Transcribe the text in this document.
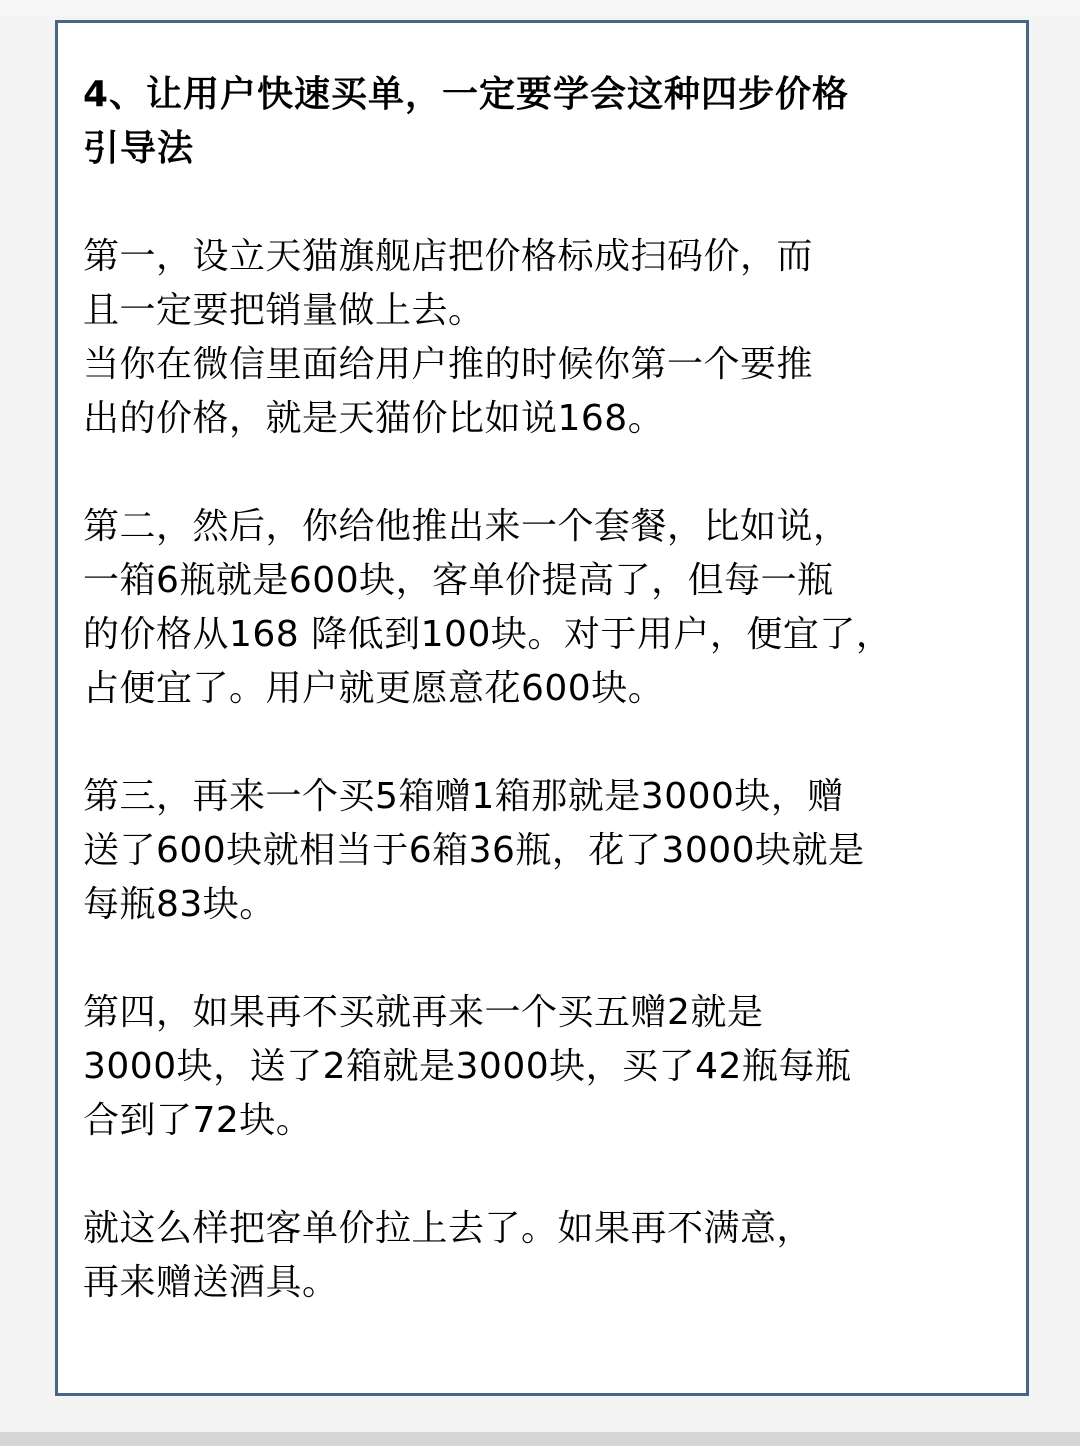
4、让用户快速买单，一定要学会这种四步价格
引导法

第一，设立天猫旗舰店把价格标成扫码价，而
且一定要把销量做上去。
当你在微信里面给用户推的时候你第一个要推
出的价格，就是天猫价比如说168。

第二，然后，你给他推出来一个套餐，比如说，
一箱6瓶就是600块，客单价提高了，但每一瓶
的价格从168 降低到100块。对于用户，便宜了，
占便宜了。用户就更愿意花600块。

第三，再来一个买5箱赠1箱那就是3000块，赠
送了600块就相当于6箱36瓶，花了3000块就是
每瓶83块。

第四，如果再不买就再来一个买五赠2就是
3000块，送了2箱就是3000块，买了42瓶每瓶
合到了72块。

就这么样把客单价拉上去了。如果再不满意，
再来赠送酒具。
